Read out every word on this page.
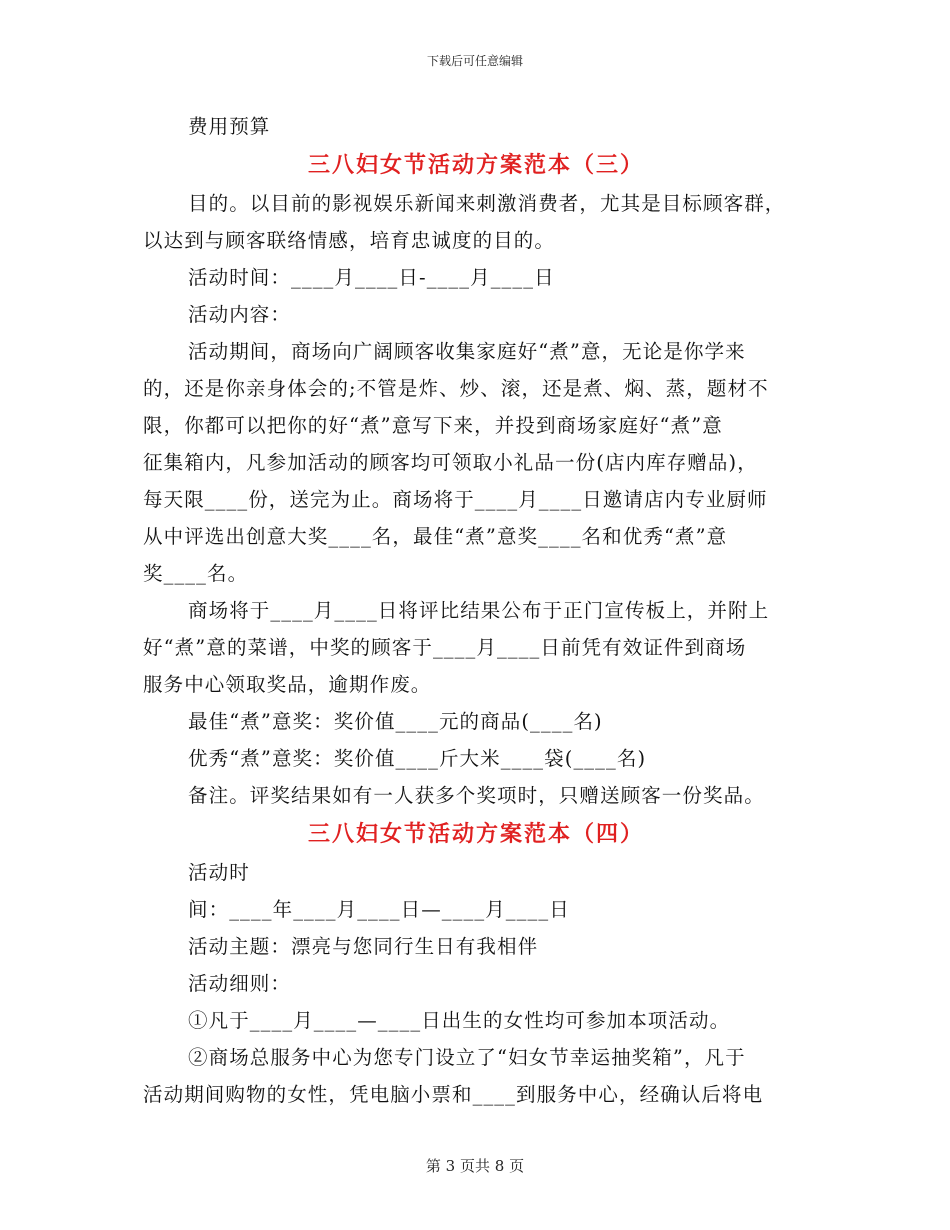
下载后可任意编辑
费用预算
三八妇女节活动方案范本（三）
目的。以目前的影视娱乐新闻来刺激消费者，尤其是目标顾客群，
以达到与顾客联络情感，培育忠诚度的目的。
活动时间：____月____日-____月____日
活动内容：
活动期间，商场向广阔顾客收集家庭好“煮”意，无论是你学来
的，还是你亲身体会的;不管是炸、炒、滚，还是煮、焖、蒸，题材不
限，你都可以把你的好“煮”意写下来，并投到商场家庭好“煮”意
征集箱内，凡参加活动的顾客均可领取小礼品一份(店内库存赠品)，
每天限____份，送完为止。商场将于____月____日邀请店内专业厨师
从中评选出创意大奖____名，最佳“煮”意奖____名和优秀“煮”意
奖____名。
商场将于____月____日将评比结果公布于正门宣传板上，并附上
好“煮”意的菜谱，中奖的顾客于____月____日前凭有效证件到商场
服务中心领取奖品，逾期作废。
最佳“煮”意奖：奖价值____元的商品(____名)
优秀“煮”意奖：奖价值____斤大米____袋(____名)
备注。评奖结果如有一人获多个奖项时，只赠送顾客一份奖品。
三八妇女节活动方案范本（四）
活动时
间：____年____月____日—____月____日
活动主题：漂亮与您同行生日有我相伴
活动细则：
①凡于____月____—____日出生的女性均可参加本项活动。
②商场总服务中心为您专门设立了“妇女节幸运抽奖箱”，凡于
活动期间购物的女性，凭电脑小票和____到服务中心，经确认后将电
第 3 页共 8 页
